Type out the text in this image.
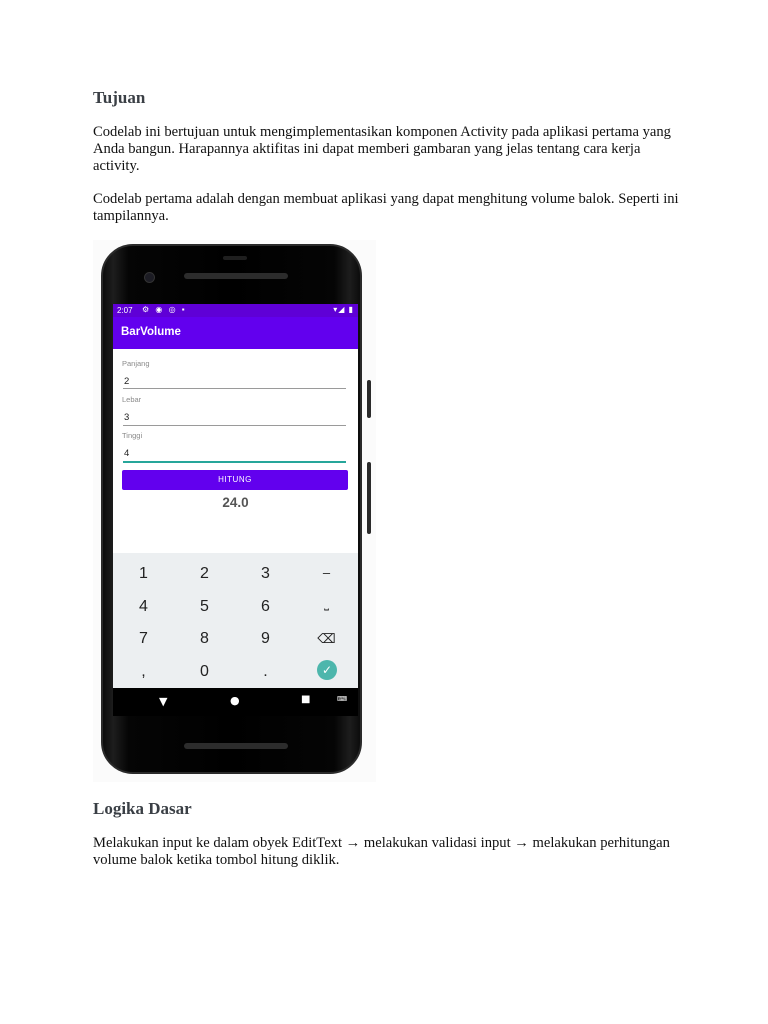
Tujuan

Codelab ini bertujuan untuk mengimplementasikan komponen Activity pada aplikasi pertama yang Anda bangun. Harapannya aktifitas ini dapat memberi gambaran yang jelas tentang cara kerja activity.

Codelab pertama adalah dengan membuat aplikasi yang dapat menghitung volume balok. Seperti ini tampilannya.

2:07 ⚙ ◉ ◎ ▪	▾◢ ▮
BarVolume
Panjang
2
Lebar
3
Tinggi
4
HITUNG
24.0
1	2	3	–
4	5	6	⎵
7	8	9	⌫
,	0	.	✓
▼	●	■	⌨
Logika Dasar

Melakukan input ke dalam obyek EditText → melakukan validasi input → melakukan perhitungan volume balok ketika tombol hitung diklik.
